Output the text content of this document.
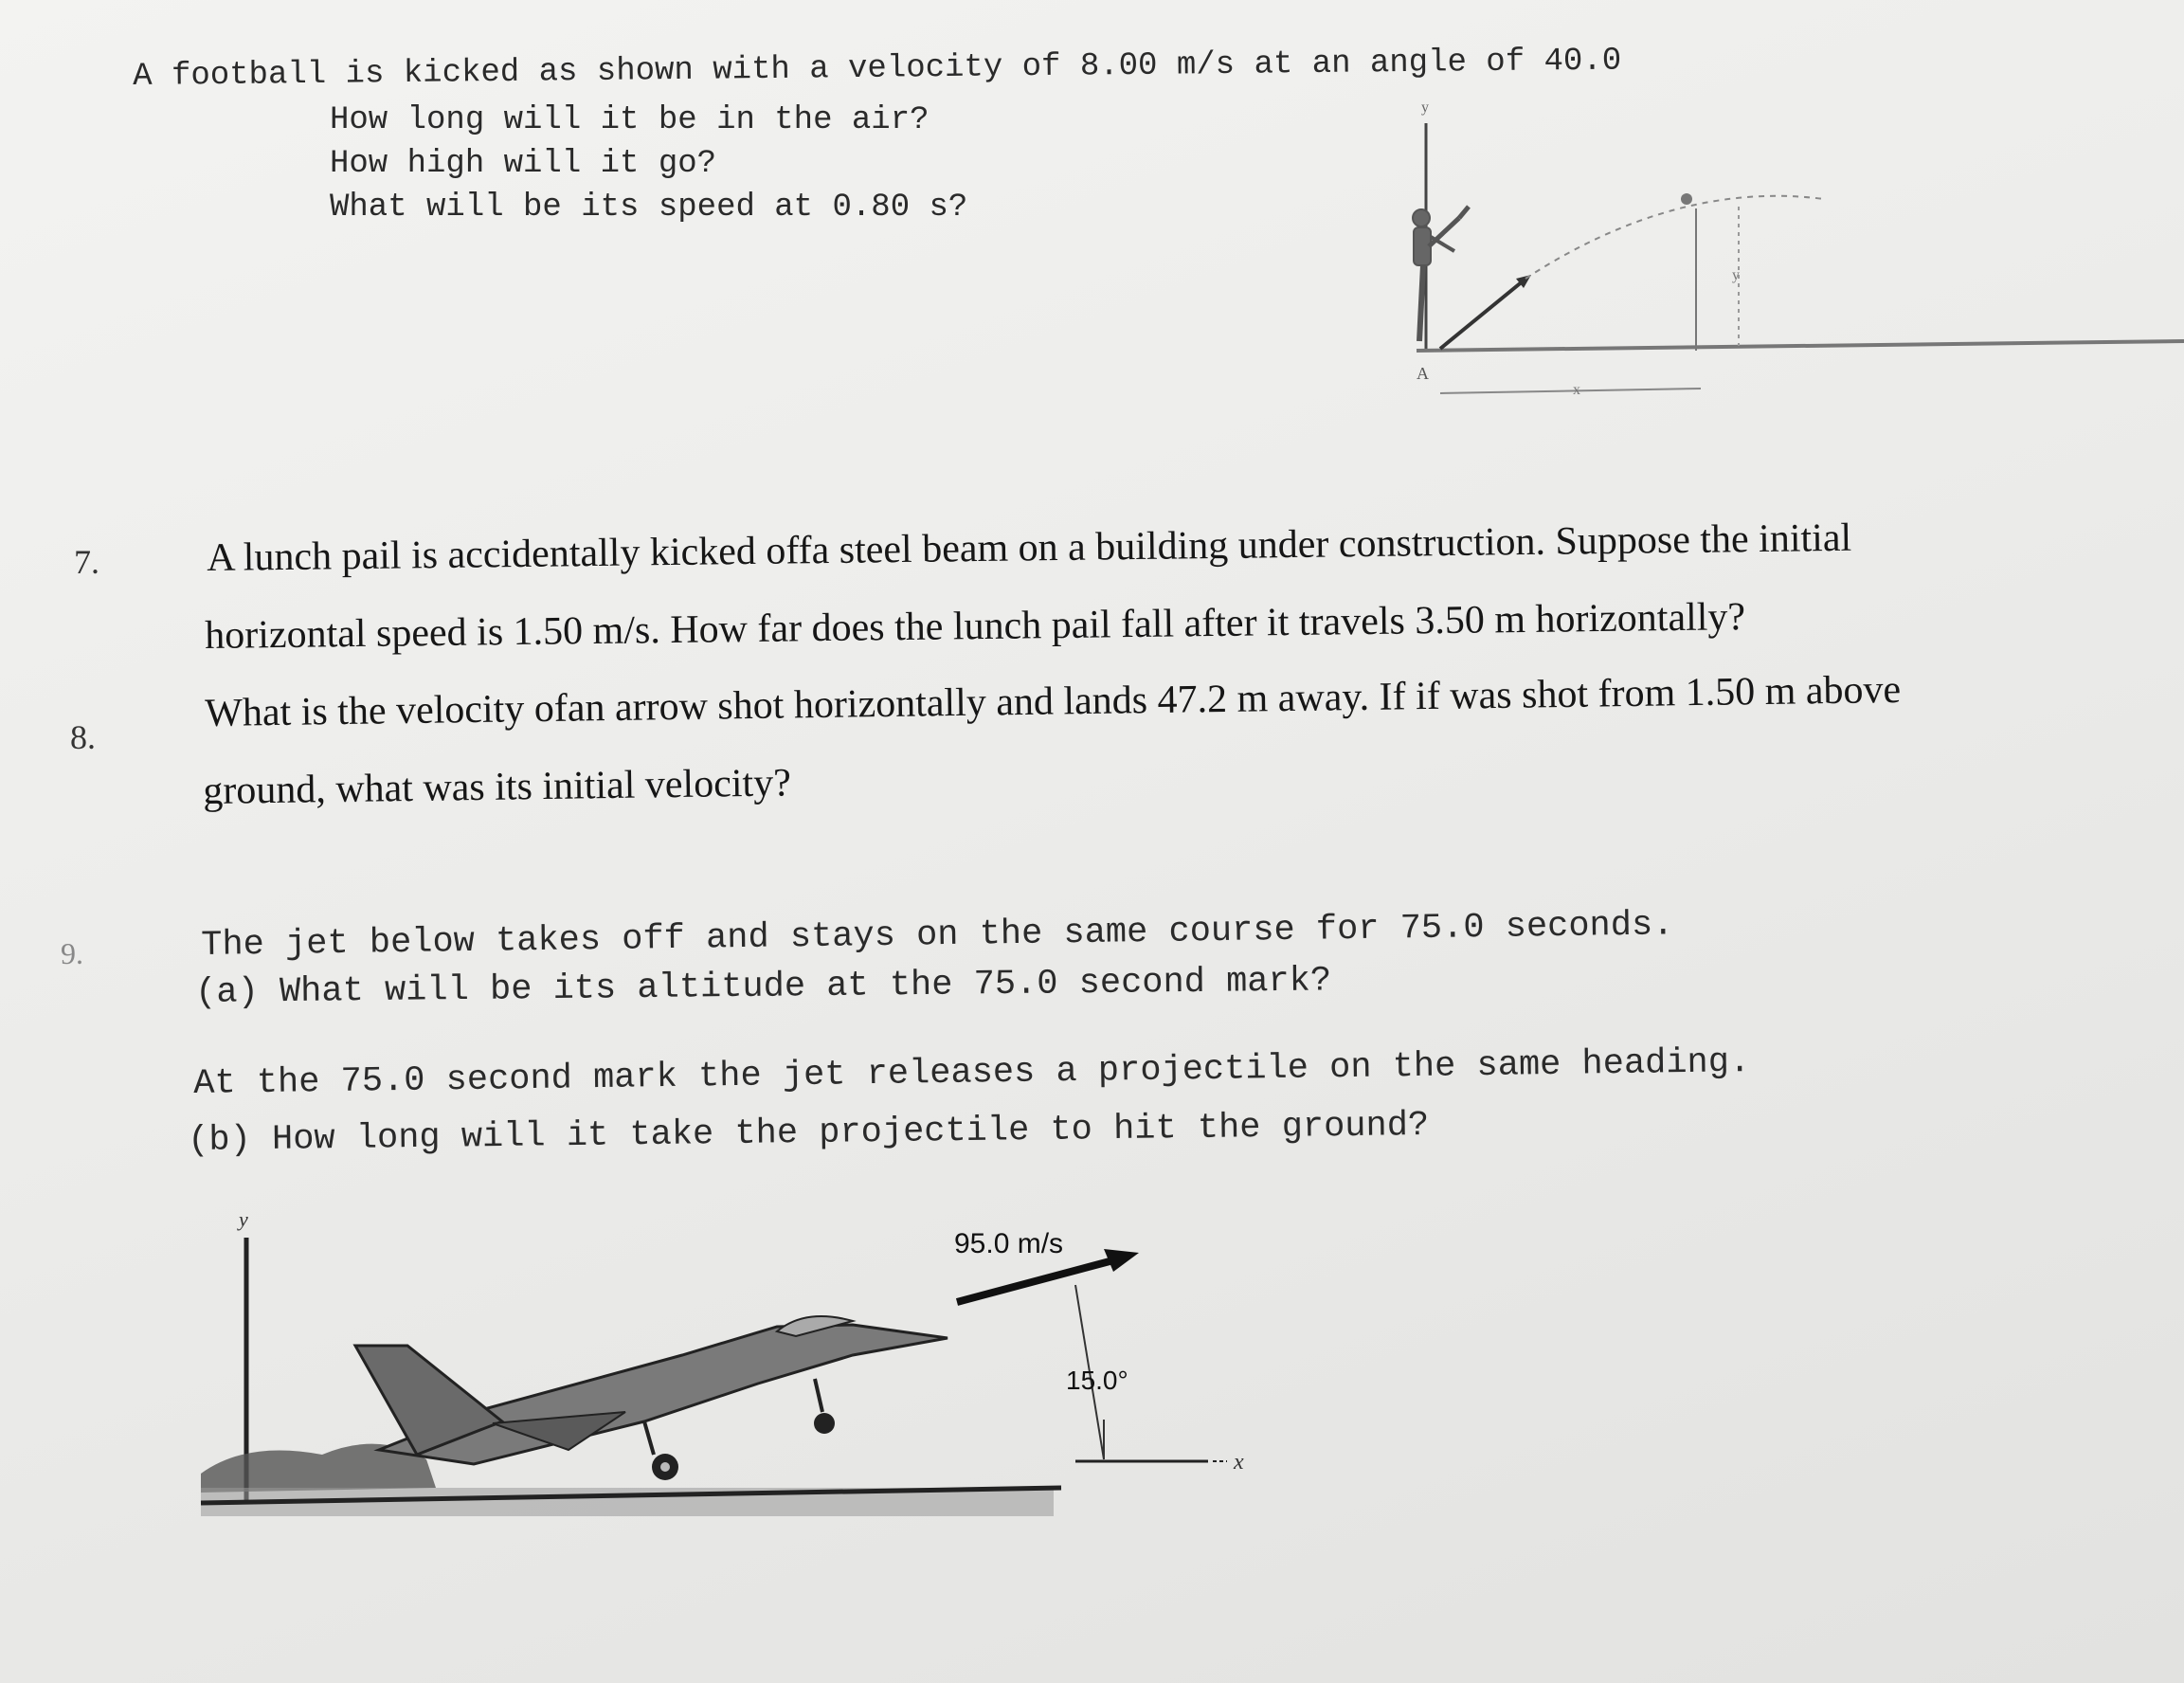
A football is kicked as shown with a velocity of 8.00 m/s at an angle of 40.0
How long will it be in the air?
How high will it go?
What will be its speed at 0.80 s?
y
y
A
x
7.	A lunch pail is accidentally kicked offa steel beam on a building under construction. Suppose the initial
horizontal speed is 1.50 m/s. How far does the lunch pail fall after it travels 3.50 m horizontally?
8.
What is the velocity ofan arrow shot horizontally and lands 47.2 m away. If if was shot from 1.50 m above
ground, what was its initial velocity?
9.	The jet below takes off and stays on the same course for 75.0 seconds.
(a) What will be its altitude at the 75.0 second mark?
At the 75.0 second mark the jet releases a projectile on the same heading.
(b) How long will it take the projectile to hit the ground?
y
95.0 m/s
15.0°
x
